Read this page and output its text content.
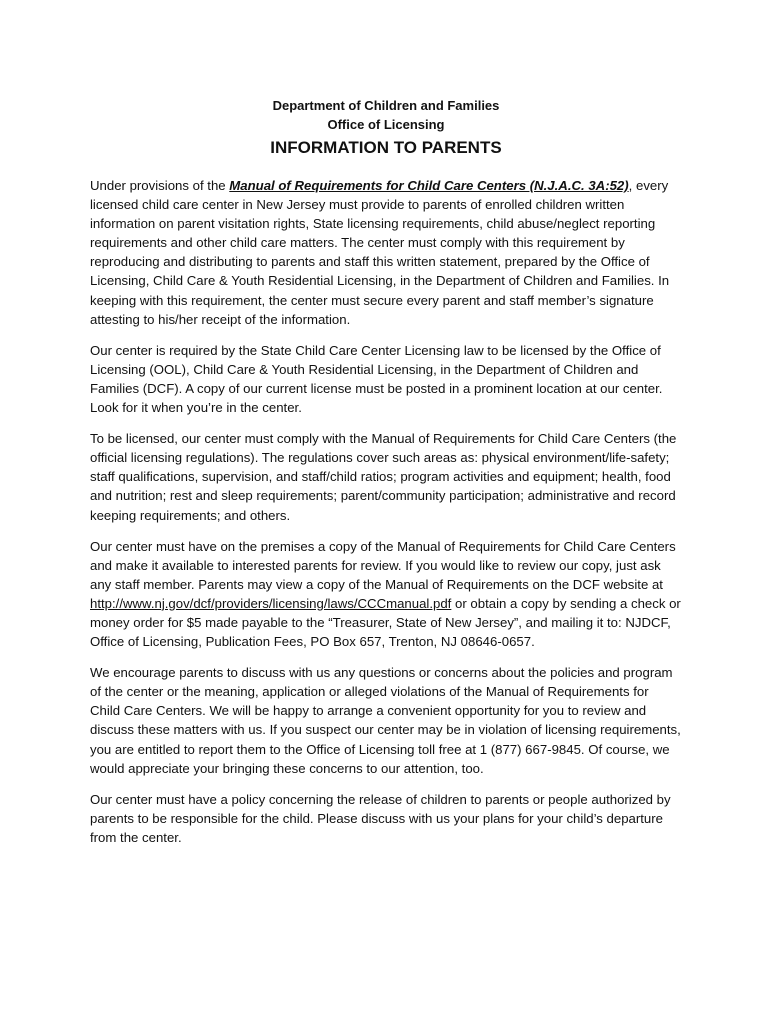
Department of Children and Families
Office of Licensing
INFORMATION TO PARENTS

Under provisions of the Manual of Requirements for Child Care Centers (N.J.A.C. 3A:52), every licensed child care center in New Jersey must provide to parents of enrolled children written information on parent visitation rights, State licensing requirements, child abuse/neglect reporting requirements and other child care matters. The center must comply with this requirement by reproducing and distributing to parents and staff this written statement, prepared by the Office of Licensing, Child Care & Youth Residential Licensing, in the Department of Children and Families. In keeping with this requirement, the center must secure every parent and staff member’s signature attesting to his/her receipt of the information.

Our center is required by the State Child Care Center Licensing law to be licensed by the Office of Licensing (OOL), Child Care & Youth Residential Licensing, in the Department of Children and Families (DCF). A copy of our current license must be posted in a prominent location at our center. Look for it when you’re in the center.

To be licensed, our center must comply with the Manual of Requirements for Child Care Centers (the official licensing regulations). The regulations cover such areas as: physical environment/life-safety; staff qualifications, supervision, and staff/child ratios; program activities and equipment; health, food and nutrition; rest and sleep requirements; parent/community participation; administrative and record keeping requirements; and others.

Our center must have on the premises a copy of the Manual of Requirements for Child Care Centers and make it available to interested parents for review. If you would like to review our copy, just ask any staff member. Parents may view a copy of the Manual of Requirements on the DCF website at http://www.nj.gov/dcf/providers/licensing/laws/CCCmanual.pdf or obtain a copy by sending a check or money order for $5 made payable to the “Treasurer, State of New Jersey”, and mailing it to: NJDCF, Office of Licensing, Publication Fees, PO Box 657, Trenton, NJ 08646-0657.

We encourage parents to discuss with us any questions or concerns about the policies and program of the center or the meaning, application or alleged violations of the Manual of Requirements for Child Care Centers. We will be happy to arrange a convenient opportunity for you to review and discuss these matters with us. If you suspect our center may be in violation of licensing requirements, you are entitled to report them to the Office of Licensing toll free at 1 (877) 667-9845. Of course, we would appreciate your bringing these concerns to our attention, too.

Our center must have a policy concerning the release of children to parents or people authorized by parents to be responsible for the child. Please discuss with us your plans for your child’s departure from the center.
